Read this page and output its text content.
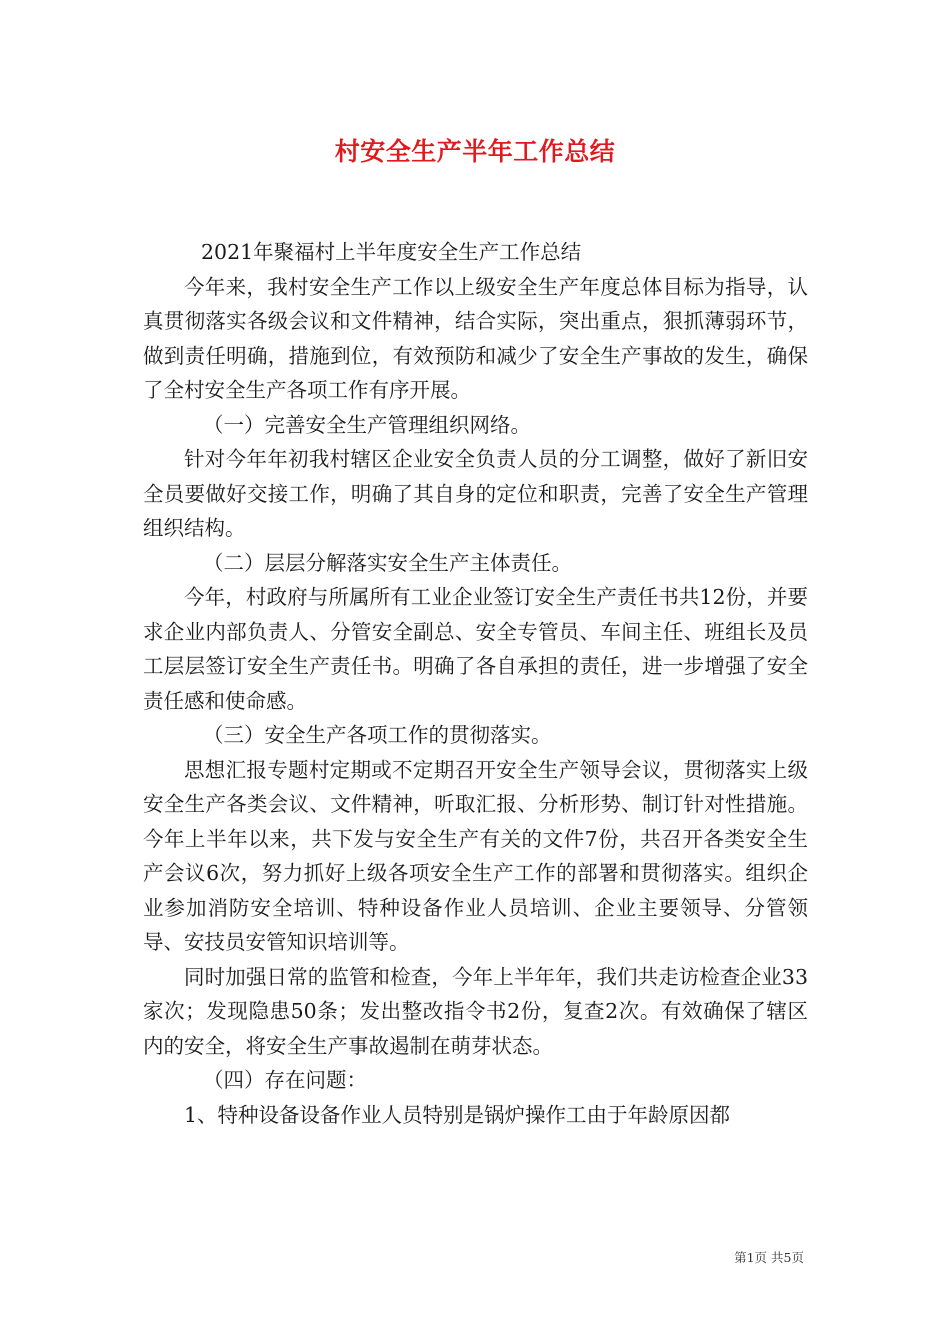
村安全生产半年工作总结

2021年聚福村上半年度安全生产工作总结

今年来，我村安全生产工作以上级安全生产年度总体目标为指导，认真贯彻落实各级会议和文件精神，结合实际，突出重点，狠抓薄弱环节，做到责任明确，措施到位，有效预防和减少了安全生产事故的发生，确保了全村安全生产各项工作有序开展。

（一）完善安全生产管理组织网络。

针对今年年初我村辖区企业安全负责人员的分工调整，做好了新旧安全员要做好交接工作，明确了其自身的定位和职责，完善了安全生产管理组织结构。

（二）层层分解落实安全生产主体责任。

今年，村政府与所属所有工业企业签订安全生产责任书共12份，并要求企业内部负责人、分管安全副总、安全专管员、车间主任、班组长及员工层层签订安全生产责任书。明确了各自承担的责任，进一步增强了安全责任感和使命感。

（三）安全生产各项工作的贯彻落实。

思想汇报专题村定期或不定期召开安全生产领导会议，贯彻落实上级安全生产各类会议、文件精神，听取汇报、分析形势、制订针对性措施。今年上半年以来，共下发与安全生产有关的文件7份，共召开各类安全生产会议6次，努力抓好上级各项安全生产工作的部署和贯彻落实。组织企业参加消防安全培训、特种设备作业人员培训、企业主要领导、分管领导、安技员安管知识培训等。

同时加强日常的监管和检查，今年上半年年，我们共走访检查企业33家次；发现隐患50条；发出整改指令书2份，复查2次。有效确保了辖区内的安全，将安全生产事故遏制在萌芽状态。

（四）存在问题：

1、特种设备设备作业人员特别是锅炉操作工由于年龄原因都

第1页 共5页
